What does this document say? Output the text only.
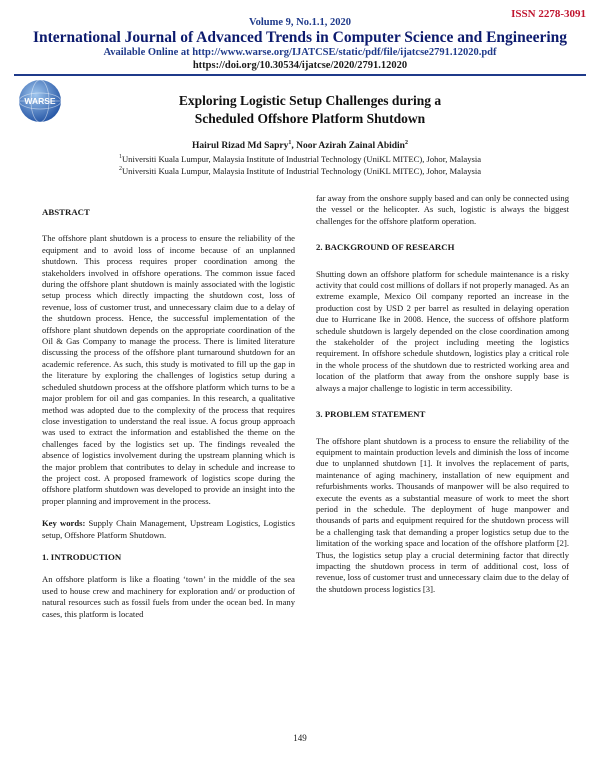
ISSN 2278-3091
Volume 9, No.1.1, 2020
International Journal of Advanced Trends in Computer Science and Engineering
Available Online at http://www.warse.org/IJATCSE/static/pdf/file/ijatcse2791.12020.pdf
https://doi.org/10.30534/ijatcse/2020/2791.12020
WARSE	Exploring Logistic Setup Challenges during a
Scheduled Offshore Platform Shutdown
Hairul Rizad Md Sapry$^1$, Noor Azirah Zainal Abidin$^2$
$^1$Universiti Kuala Lumpur, Malaysia Institute of Industrial Technology (UniKL MITEC), Johor, Malaysia
$^2$Universiti Kuala Lumpur, Malaysia Institute of Industrial Technology (UniKL MITEC), Johor, Malaysia

ABSTRACT

The offshore plant shutdown is a process to ensure the reliability of the equipment and to avoid loss of income because of an unplanned shutdown. This process requires proper coordination among the stakeholders involved in offshore operations. The common issue faced during the offshore plant shutdown is mainly associated with the logistic setup process which directly impacting the shutdown cost, loss of revenue, loss of customer trust, and unnecessary claim due to a delay of the shutdown process. Hence, the successful implementation of the offshore plant shutdown depends on the appropriate coordination of the Oil & Gas Company to manage the process. There is limited literature discussing the process of the offshore plant turnaround shutdown for an academic reference. As such, this study is motivated to fill up the gap in the literature by exploring the challenges of logistics setup during a scheduled shutdown process at the offshore platform which turns to be a major problem for oil and gas companies. In this research, a qualitative method was adopted due to the complexity of the process that requires close investigation to understand the real issue. A focus group approach was used to extract the information and established the theme on the challenges faced by the logistics set up. The findings revealed the absence of logistics involvement during the upstream planning which is the major problem that contributes to delay in schedule and increase to the project cost. A proposed framework of logistics scope during the offshore platform shutdown was developed to provide an insight into the proper planning and improvement in the process.

Key words: Supply Chain Management, Upstream Logistics, Logistics setup, Offshore Platform Shutdown.

1. INTRODUCTION

An offshore platform is like a floating ‘town’ in the middle of the sea used to house crew and machinery for exploration and/ or production of natural resources such as fossil fuels from under the ocean bed. In many cases, this platform is located

far away from the onshore supply based and can only be connected using the vessel or the helicopter. As such, logistic is always the biggest challenges for the offshore platform operation.

2. BACKGROUND OF RESEARCH

Shutting down an offshore platform for schedule maintenance is a risky activity that could cost millions of dollars if not properly managed. As an extreme example, Mexico Oil company reported an increase in the production cost by USD 2 per barrel as resulted in delaying operation due to Hurricane Ike in 2008. Hence, the success of offshore platform schedule shutdown is largely depended on the close coordination among the stakeholder of the project including meeting the logistics requirement. In offshore schedule shutdown, logistics play a critical role in the whole process of the shutdown due to restricted working area and location of the platform that away from the onshore supply base is always a major challenge to logistic in term accessibility.

3. PROBLEM STATEMENT

The offshore plant shutdown is a process to ensure the reliability of the equipment to maintain production levels and diminish the loss of income due to unplanned shutdown [1]. It involves the replacement of parts, maintenance of aging machinery, installation of new equipment and refurbishments works. Thousands of manpower will be also required to execute the events as a substantial measure of work to meet the short period in the schedule. The deployment of huge manpower and thousands of parts and equipment required for the shutdown process will be a challenging task that demanding a proper logistics setup due to the limitation of the working space and location of the offshore platform [2]. Thus, the logistics setup play a crucial determining factor that directly impacting the shutdown process in term of additional cost, loss of revenue, loss of customer trust and unnecessary claim due to the delay of the shutdown process logistics [3].

149
